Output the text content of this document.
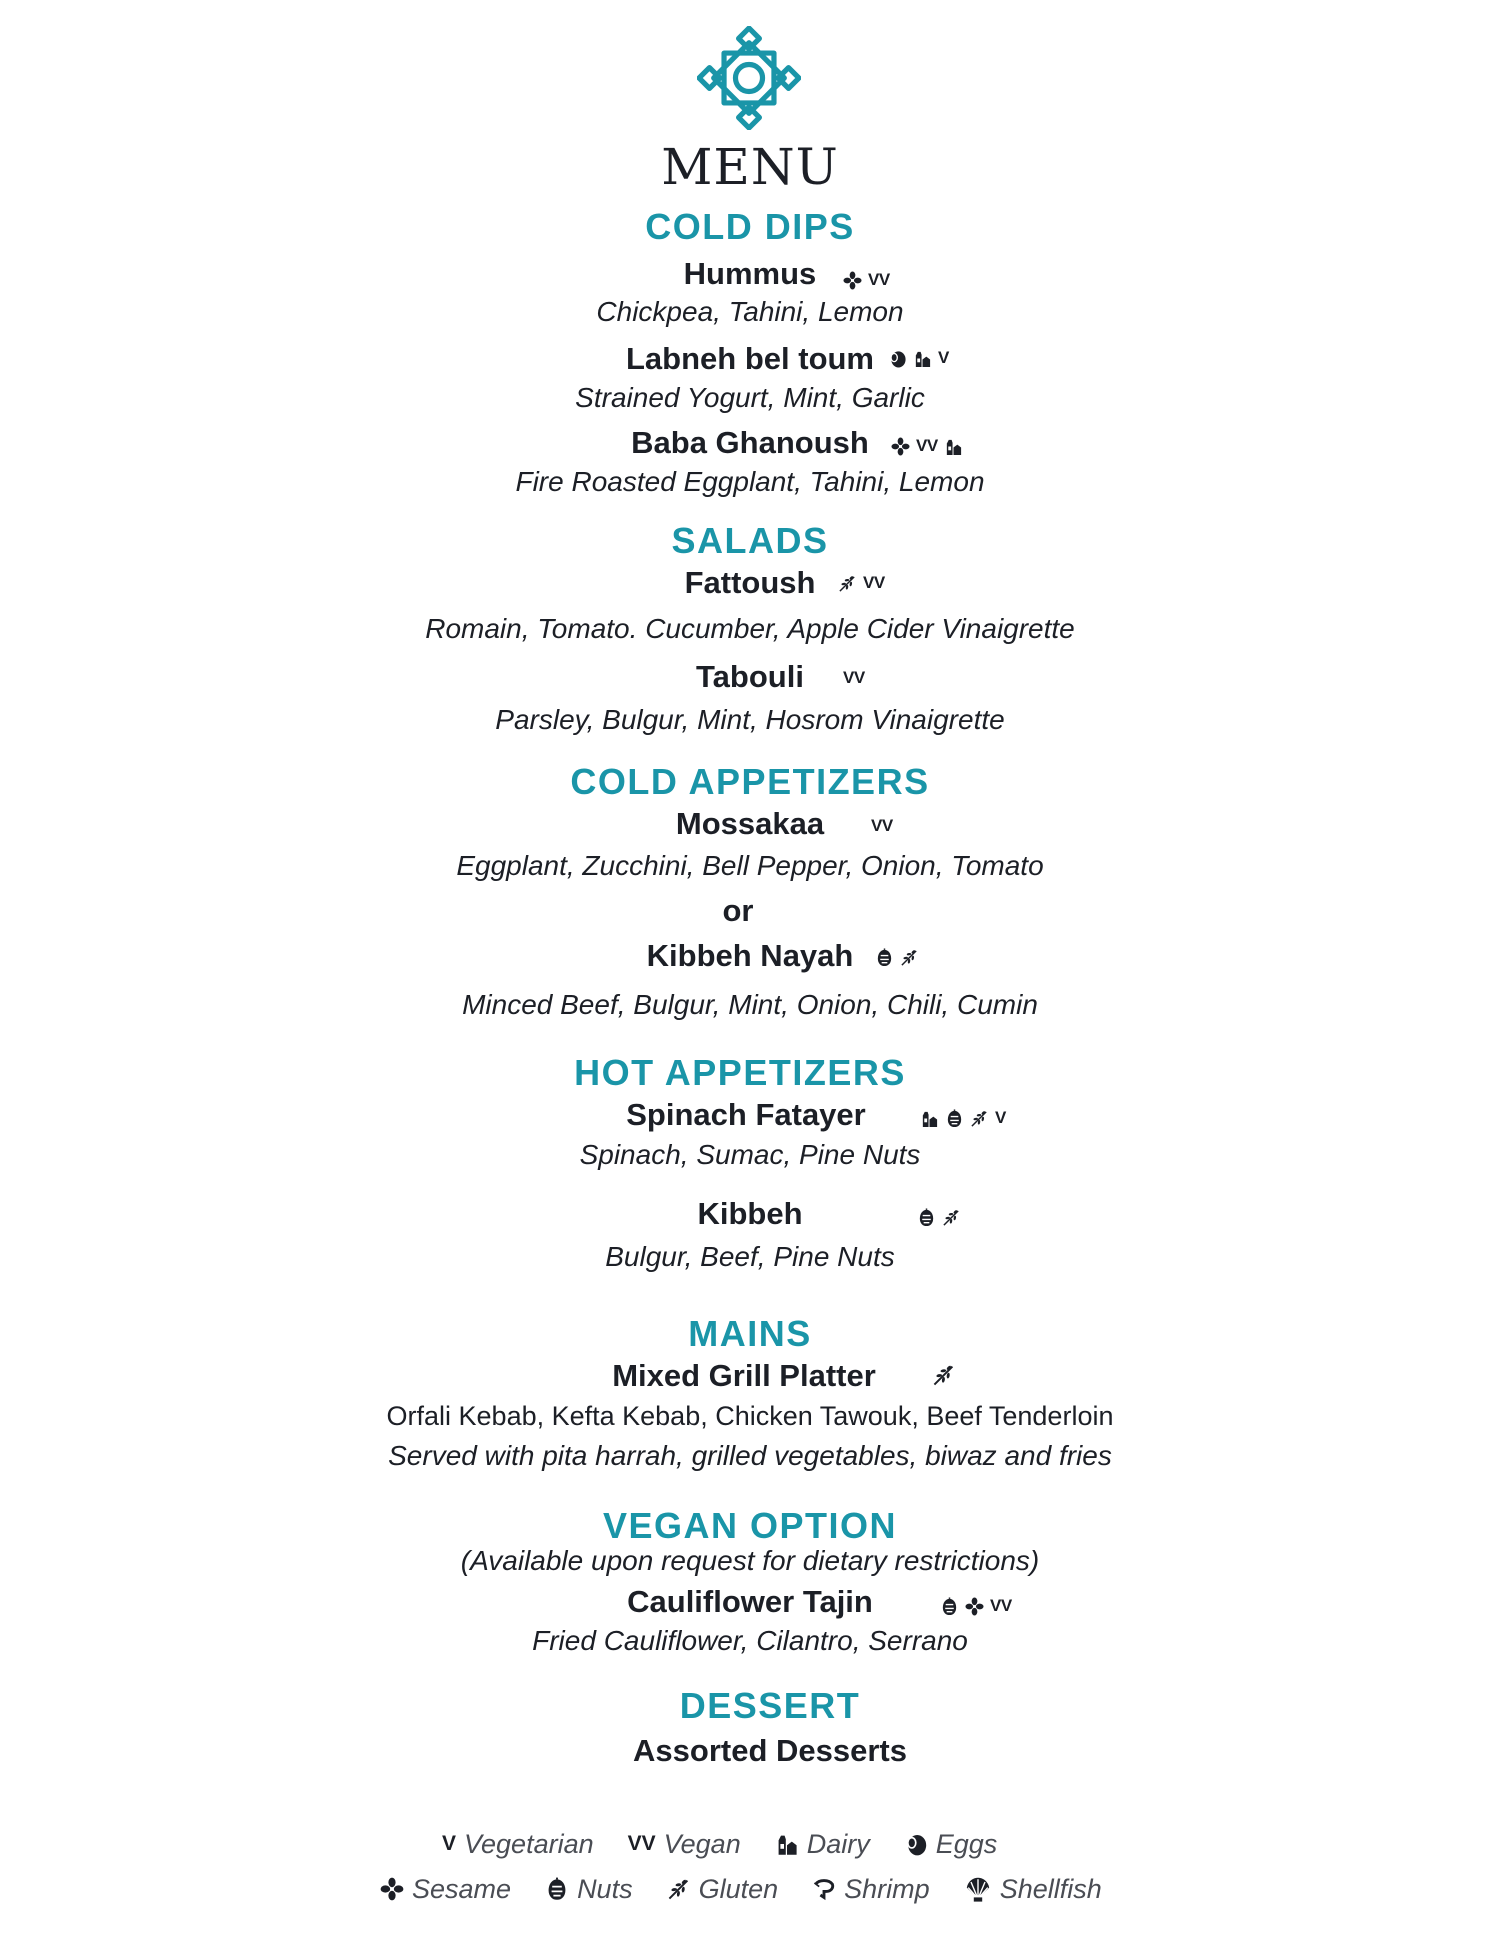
MENU
COLD DIPS
Hummus	VV
Chickpea, Tahini, Lemon
Labneh bel toum	V
Strained Yogurt, Mint, Garlic
Baba Ghanoush	VV
Fire Roasted Eggplant, Tahini, Lemon
SALADS
Fattoush	VV
Romain, Tomato. Cucumber, Apple Cider Vinaigrette
Tabouli	VV
Parsley, Bulgur, Mint, Hosrom Vinaigrette
COLD APPETIZERS
Mossakaa	VV
Eggplant, Zucchini, Bell Pepper, Onion, Tomato
or
Kibbeh Nayah
Minced Beef, Bulgur, Mint, Onion, Chili, Cumin
HOT APPETIZERS
Spinach Fatayer	V
Spinach, Sumac, Pine Nuts
Kibbeh
Bulgur, Beef, Pine Nuts
MAINS
Mixed Grill Platter
Orfali Kebab, Kefta Kebab, Chicken Tawouk, Beef Tenderloin
Served with pita harrah, grilled vegetables, biwaz and fries
VEGAN OPTION
(Available upon request for dietary restrictions)
Cauliflower Tajin	VV
Fried Cauliflower, Cilantro, Serrano
DESSERT
Assorted Desserts
V Vegetarian VV Vegan Dairy Eggs
Sesame Nuts Gluten Shrimp	Shellfish
